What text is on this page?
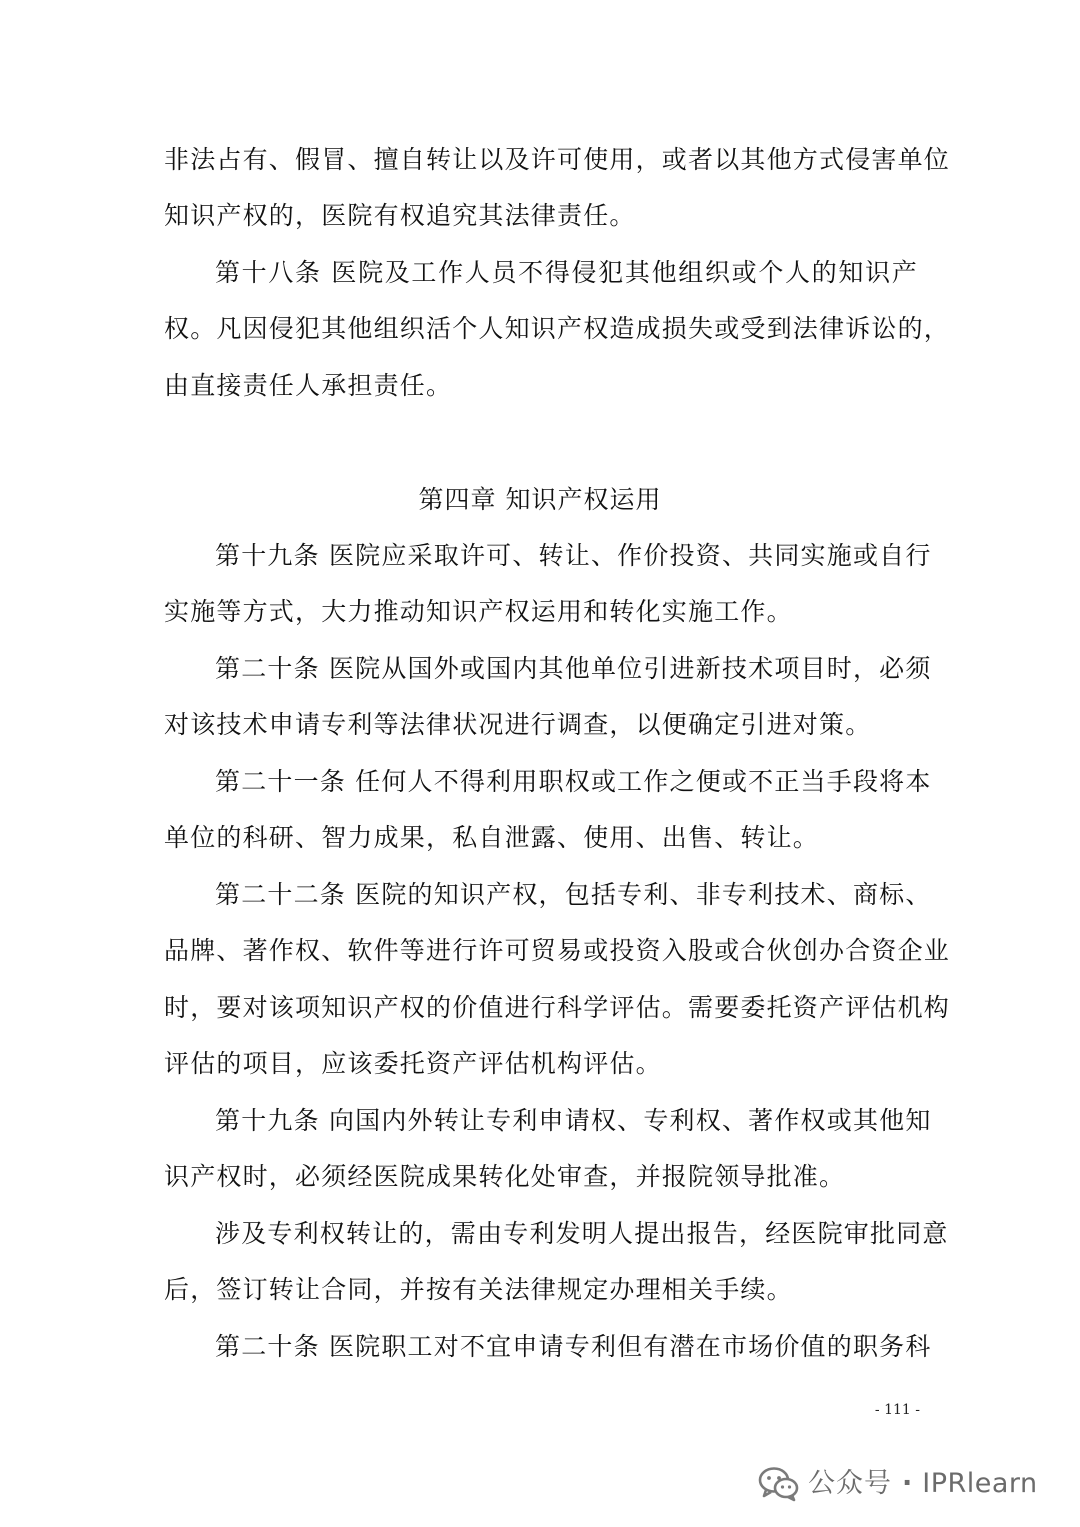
非法占有、假冒、擅自转让以及许可使用，或者以其他方式侵害单位
知识产权的，医院有权追究其法律责任。
第十八条 医院及工作人员不得侵犯其他组织或个人的知识产
权。凡因侵犯其他组织活个人知识产权造成损失或受到法律诉讼的，
由直接责任人承担责任。
第四章 知识产权运用
第十九条 医院应采取许可、转让、作价投资、共同实施或自行
实施等方式，大力推动知识产权运用和转化实施工作。
第二十条 医院从国外或国内其他单位引进新技术项目时，必须
对该技术申请专利等法律状况进行调查，以便确定引进对策。
第二十一条 任何人不得利用职权或工作之便或不正当手段将本
单位的科研、智力成果，私自泄露、使用、出售、转让。
第二十二条 医院的知识产权，包括专利、非专利技术、商标、
品牌、著作权、软件等进行许可贸易或投资入股或合伙创办合资企业
时，要对该项知识产权的价值进行科学评估。需要委托资产评估机构
评估的项目，应该委托资产评估机构评估。
第十九条 向国内外转让专利申请权、专利权、著作权或其他知
识产权时，必须经医院成果转化处审查，并报院领导批准。
涉及专利权转让的，需由专利发明人提出报告，经医院审批同意
后，签订转让合同，并按有关法律规定办理相关手续。
第二十条 医院职工对不宜申请专利但有潜在市场价值的职务科
- 111 -
公众号 · IPRlearn
